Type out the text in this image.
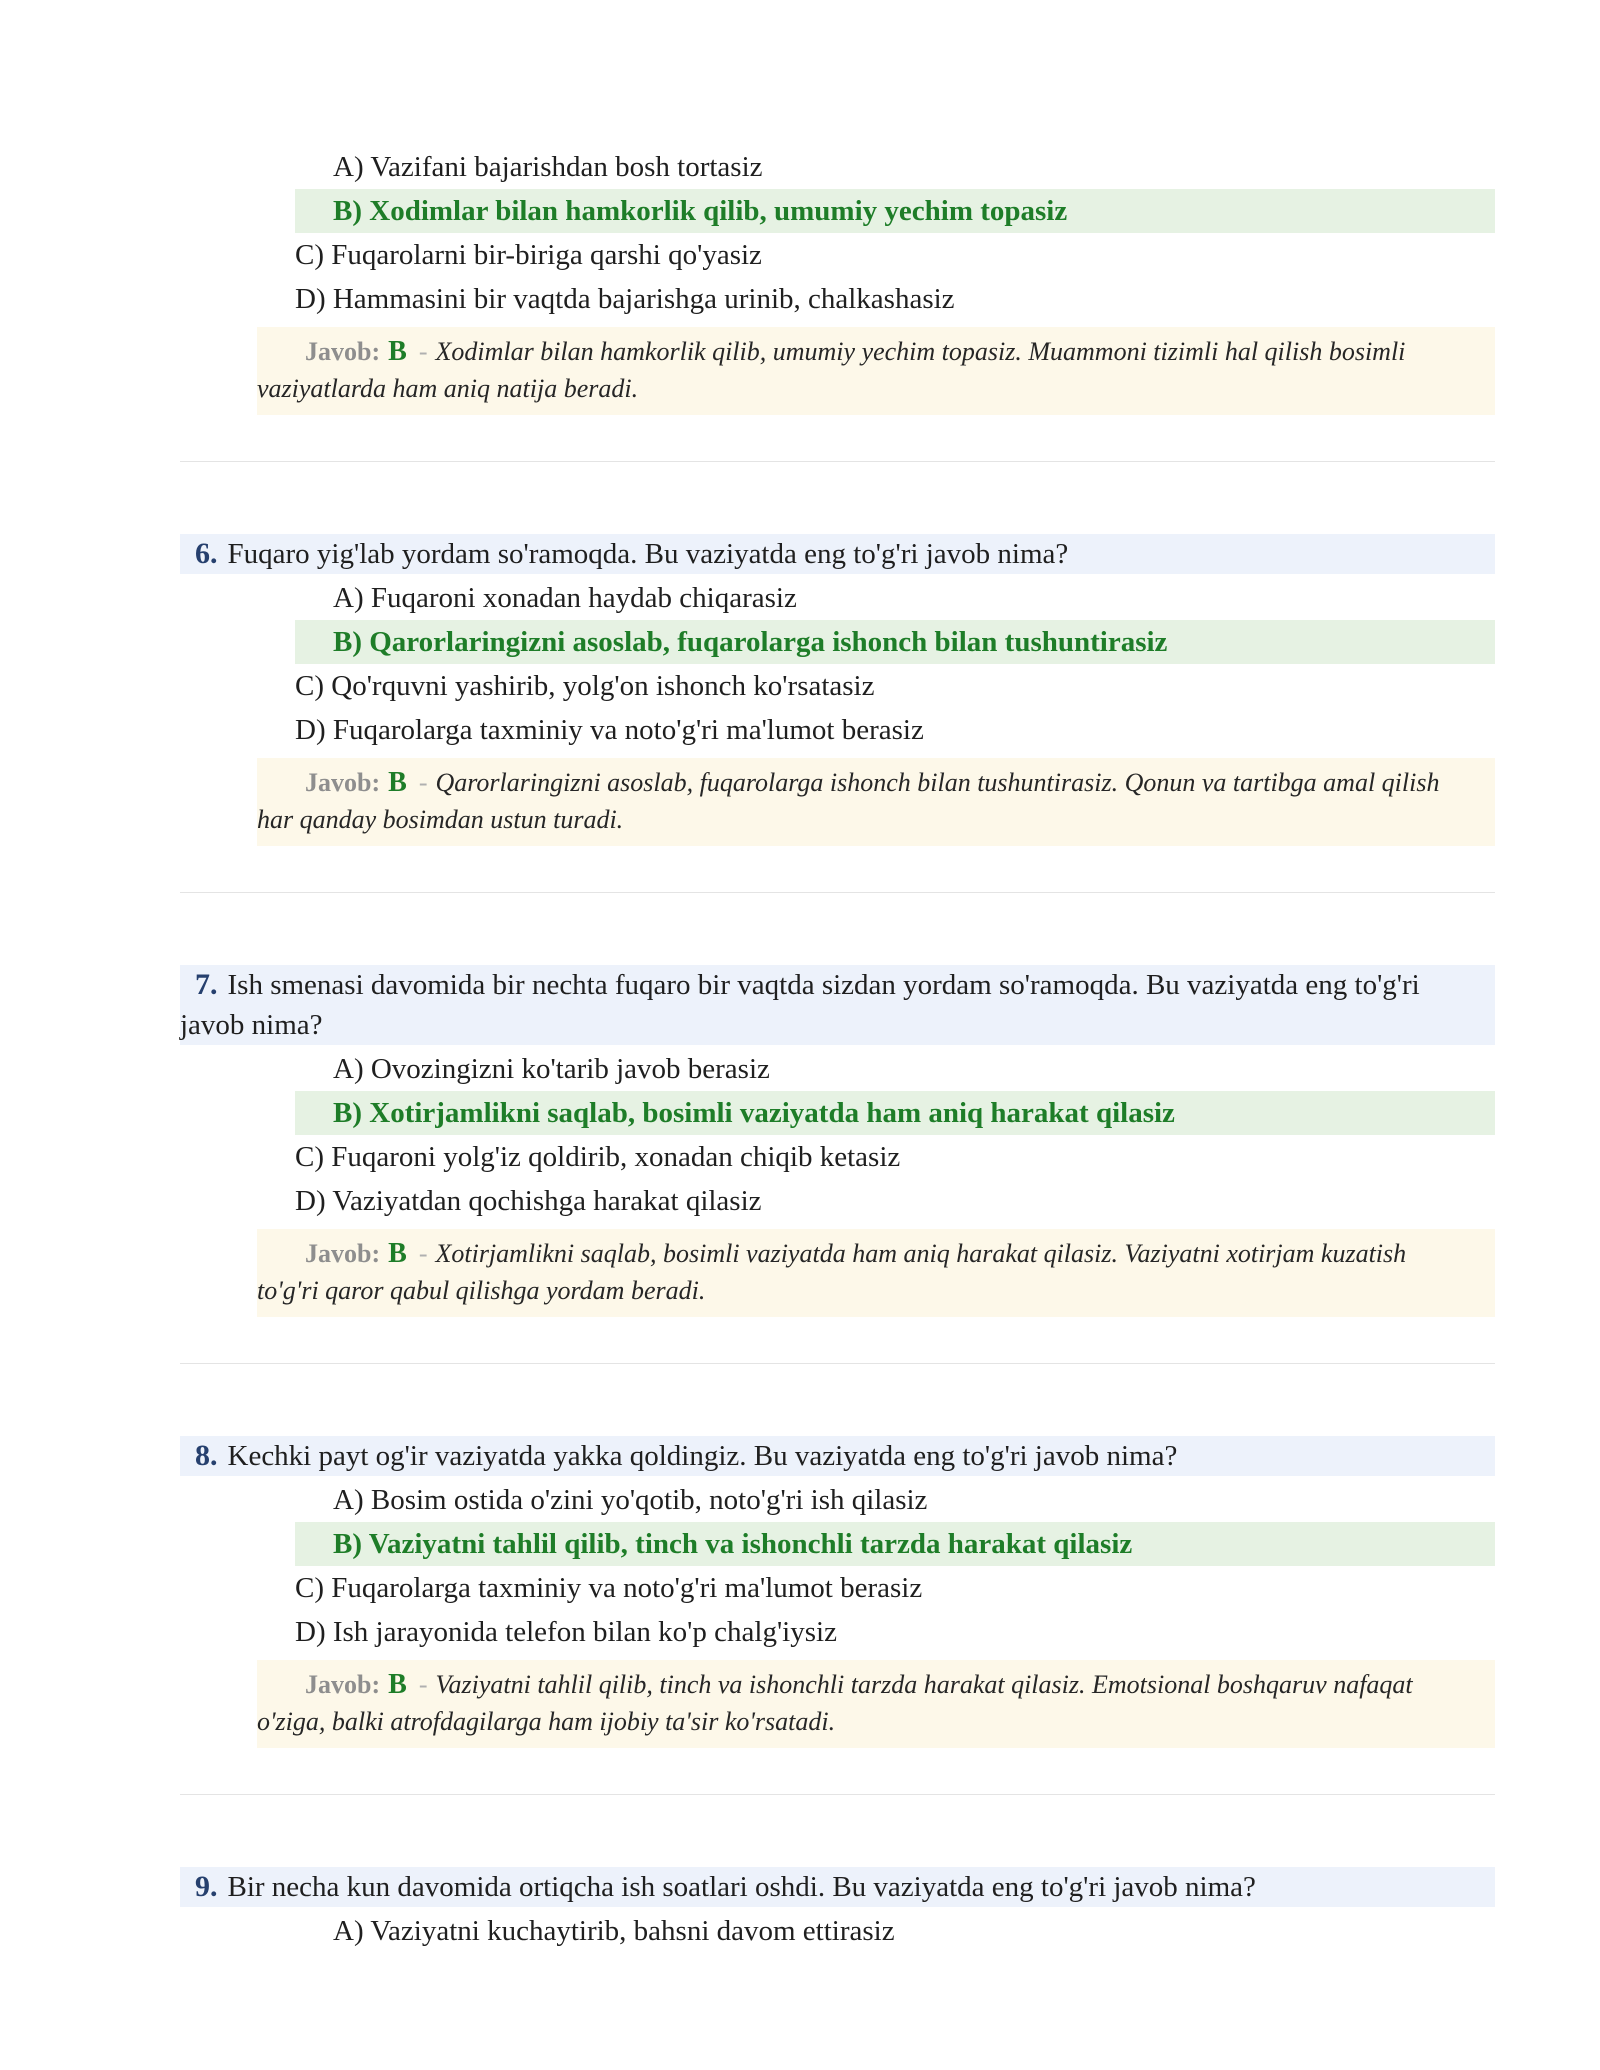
A) Vazifani bajarishdan bosh tortasiz
B) Xodimlar bilan hamkorlik qilib, umumiy yechim topasiz
C) Fuqarolarni bir-biriga qarshi qo'yasiz
D) Hammasini bir vaqtda bajarishga urinib, chalkashasiz
Javob: B - Xodimlar bilan hamkorlik qilib, umumiy yechim topasiz. Muammoni tizimli hal qilish bosimli vaziyatlarda ham aniq natija beradi.
6. Fuqaro yig'lab yordam so'ramoqda. Bu vaziyatda eng to'g'ri javob nima?
A) Fuqaroni xonadan haydab chiqarasiz
B) Qarorlaringizni asoslab, fuqarolarga ishonch bilan tushuntirasiz
C) Qo'rquvni yashirib, yolg'on ishonch ko'rsatasiz
D) Fuqarolarga taxminiy va noto'g'ri ma'lumot berasiz
Javob: B - Qarorlaringizni asoslab, fuqarolarga ishonch bilan tushuntirasiz. Qonun va tartibga amal qilish har qanday bosimdan ustun turadi.
7. Ish smenasi davomida bir nechta fuqaro bir vaqtda sizdan yordam so'ramoqda. Bu vaziyatda eng to'g'ri javob nima?
A) Ovozingizni ko'tarib javob berasiz
B) Xotirjamlikni saqlab, bosimli vaziyatda ham aniq harakat qilasiz
C) Fuqaroni yolg'iz qoldirib, xonadan chiqib ketasiz
D) Vaziyatdan qochishga harakat qilasiz
Javob: B - Xotirjamlikni saqlab, bosimli vaziyatda ham aniq harakat qilasiz. Vaziyatni xotirjam kuzatish to'g'ri qaror qabul qilishga yordam beradi.
8. Kechki payt og'ir vaziyatda yakka qoldingiz. Bu vaziyatda eng to'g'ri javob nima?
A) Bosim ostida o'zini yo'qotib, noto'g'ri ish qilasiz
B) Vaziyatni tahlil qilib, tinch va ishonchli tarzda harakat qilasiz
C) Fuqarolarga taxminiy va noto'g'ri ma'lumot berasiz
D) Ish jarayonida telefon bilan ko'p chalg'iysiz
Javob: B - Vaziyatni tahlil qilib, tinch va ishonchli tarzda harakat qilasiz. Emotsional boshqaruv nafaqat o'ziga, balki atrofdagilarga ham ijobiy ta'sir ko'rsatadi.
9. Bir necha kun davomida ortiqcha ish soatlari oshdi. Bu vaziyatda eng to'g'ri javob nima?
A) Vaziyatni kuchaytirib, bahsni davom ettirasiz
